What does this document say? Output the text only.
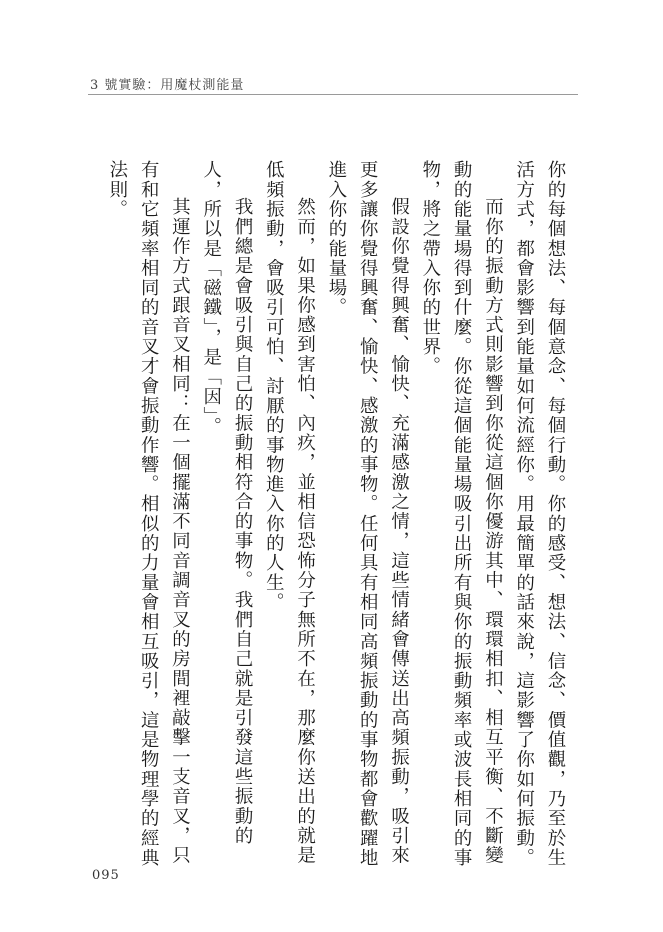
3 號實驗：用魔杖測能量

你的每個想法、每個意念、每個行動。你的感受、想法、信念、價值觀，乃至於生活方式，都會影響到能量如何流經你。用最簡單的話來說，這影響了你如何振動。

而你的振動方式則影響到你從這個你優游其中、環環相扣、相互平衡、不斷變動的能量場得到什麼。你從這個能量場吸引出所有與你的振動頻率或波長相同的事物，將之帶入你的世界。

假設你覺得興奮、愉快、充滿感激之情，這些情緒會傳送出高頻振動，吸引來更多讓你覺得興奮、愉快、感激的事物。任何具有相同高頻振動的事物都會歡躍地進入你的能量場。

然而，如果你感到害怕、內疚，並相信恐怖分子無所不在，那麼你送出的就是低頻振動，會吸引可怕、討厭的事物進入你的人生。

我們總是會吸引與自己的振動相符合的事物。我們自己就是引發這些振動的人，所以是「磁鐵」，是「因」。

其運作方式跟音叉相同：在一個擺滿不同音調音叉的房間裡敲擊一支音叉，只有和它頻率相同的音叉才會振動作響。相似的力量會相互吸引，這是物理學的經典法則。

095
